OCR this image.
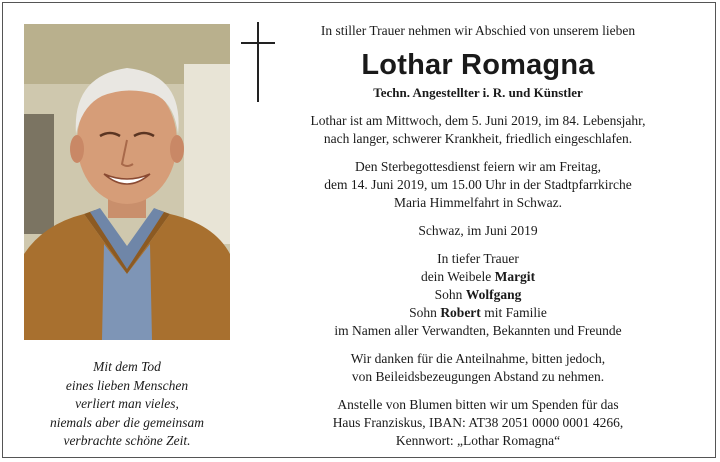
Mit dem Tod
eines lieben Menschen
verliert man vieles,
niemals aber die gemeinsam
verbrachte schöne Zeit.
In stiller Trauer nehmen wir Abschied von unserem lieben
Lothar Romagna
Techn. Angestellter i. R. und Künstler
Lothar ist am Mittwoch, dem 5. Juni 2019, im 84. Lebensjahr,
nach langer, schwerer Krankheit, friedlich eingeschlafen.
Den Sterbegottesdienst feiern wir am Freitag,
dem 14. Juni 2019, um 15.00 Uhr in der Stadtpfarrkirche
Maria Himmelfahrt in Schwaz.
Schwaz, im Juni 2019
In tiefer Trauer
dein Weibele Margit
Sohn Wolfgang
Sohn Robert mit Familie
im Namen aller Verwandten, Bekannten und Freunde
Wir danken für die Anteilnahme, bitten jedoch,
von Beileidsbezeugungen Abstand zu nehmen.
Anstelle von Blumen bitten wir um Spenden für das
Haus Franziskus, IBAN: AT38 2051 0000 0001 4266,
Kennwort: „Lothar Romagna“
